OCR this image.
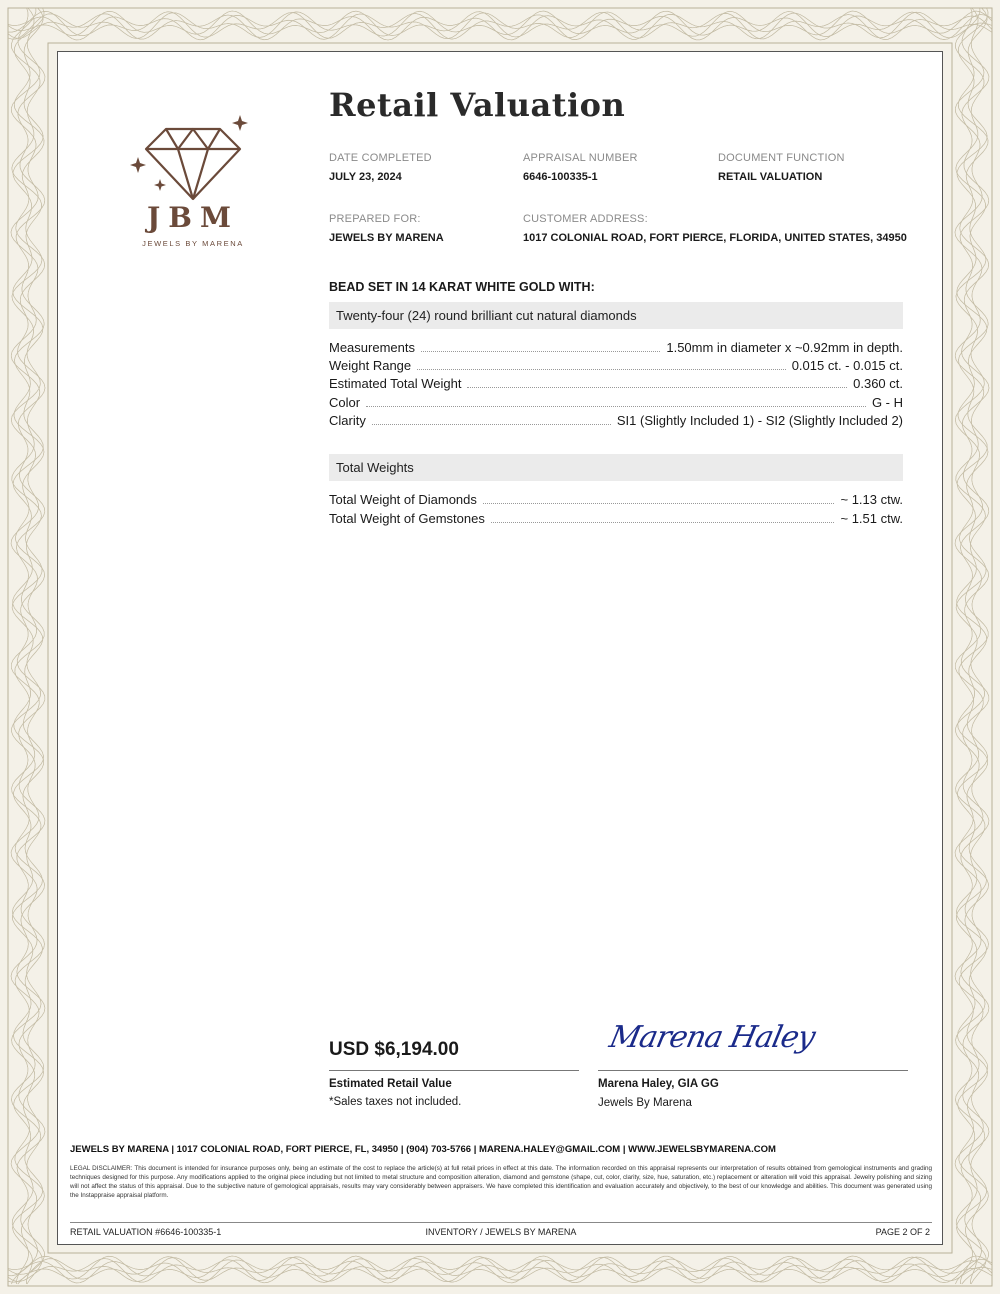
JBM
JEWELS BY MARENA
Retail Valuation
DATE COMPLETED
JULY 23, 2024
APPRAISAL NUMBER
6646-100335-1
DOCUMENT FUNCTION
RETAIL VALUATION
PREPARED FOR:
JEWELS BY MARENA
CUSTOMER ADDRESS:
1017 COLONIAL ROAD, FORT PIERCE, FLORIDA, UNITED STATES, 34950
BEAD SET IN 14 KARAT WHITE GOLD WITH:
Twenty-four (24) round brilliant cut natural diamonds
Measurements	1.50mm in diameter x ~0.92mm in depth.
Weight Range	0.015 ct. - 0.015 ct.
Estimated Total Weight	0.360 ct.
Color	G - H
Clarity	SI1 (Slightly Included 1) - SI2 (Slightly Included 2)
Total Weights
Total Weight of Diamonds	~ 1.13 ctw.
Total Weight of Gemstones	~ 1.51 ctw.
USD $6,194.00
Estimated Retail Value
*Sales taxes not included.
Marena Haley
Marena Haley, GIA GG
Jewels By Marena
JEWELS BY MARENA | 1017 COLONIAL ROAD, FORT PIERCE, FL, 34950 | (904) 703-5766 | MARENA.HALEY@GMAIL.COM | WWW.JEWELSBYMARENA.COM
LEGAL DISCLAIMER: This document is intended for insurance purposes only, being an estimate of the cost to replace the article(s) at full retail prices in effect at this date. The information recorded on this appraisal represents our interpretation of results obtained from gemological instruments and grading techniques designed for this purpose. Any modifications applied to the original piece including but not limited to metal structure and composition alteration, diamond and gemstone (shape, cut, color, clarity, size, hue, saturation, etc.) replacement or alteration will void this appraisal. Jewelry polishing and sizing will not affect the status of this appraisal. Due to the subjective nature of gemological appraisals, results may vary considerably between appraisers. We have completed this identification and evaluation accurately and objectively, to the best of our knowledge and abilities. This document was generated using the Instappraise appraisal platform.
RETAIL VALUATION #6646-100335-1	INVENTORY / JEWELS BY MARENA	PAGE 2 OF 2
